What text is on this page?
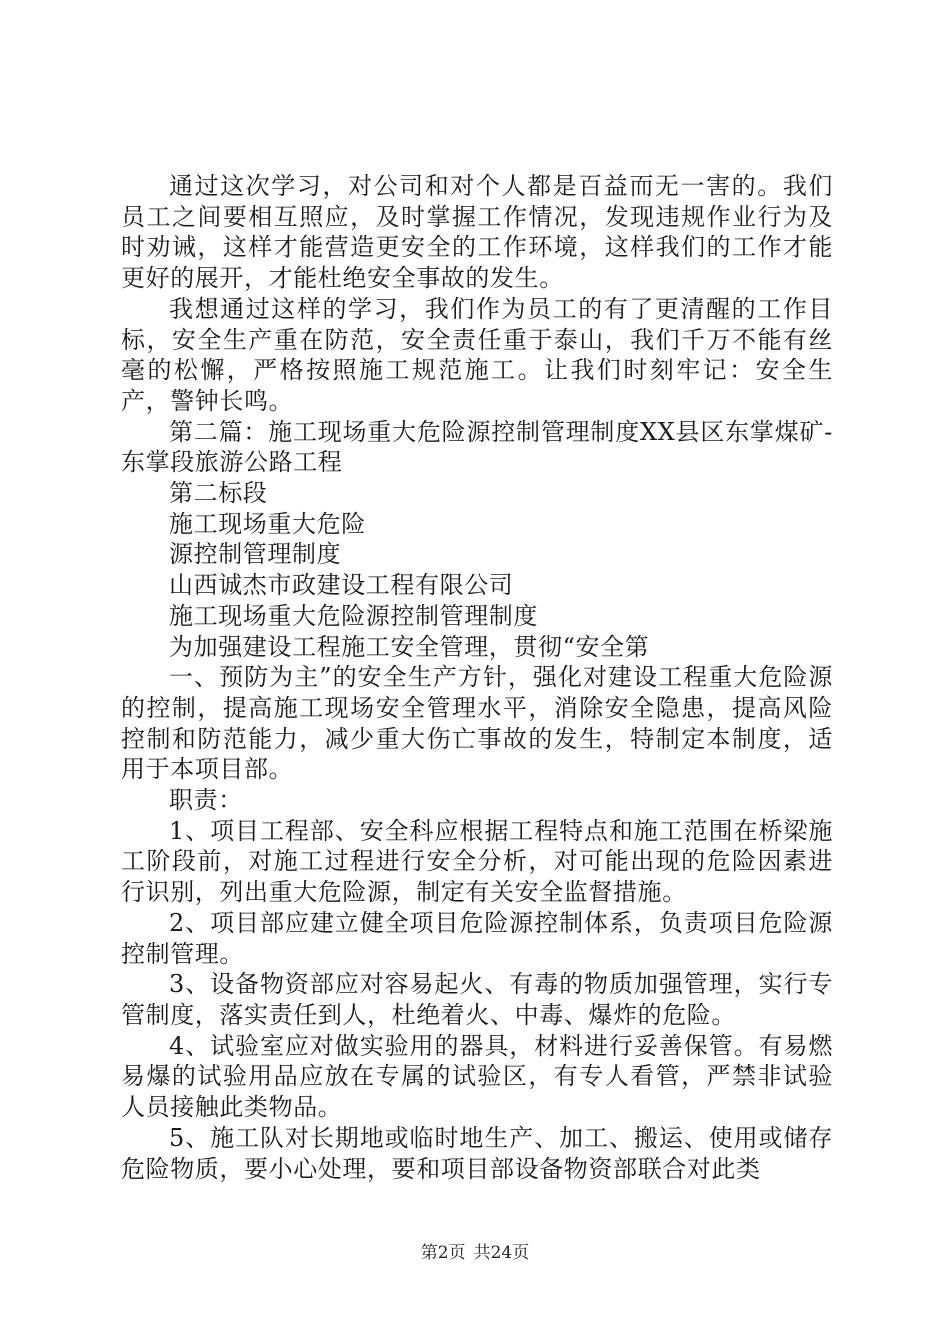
通过这次学习，对公司和对个人都是百益而无一害的。我们员工之间要相互照应，及时掌握工作情况，发现违规作业行为及时劝诫，这样才能营造更安全的工作环境，这样我们的工作才能更好的展开，才能杜绝安全事故的发生。

我想通过这样的学习，我们作为员工的有了更清醒的工作目标，安全生产重在防范，安全责任重于泰山，我们千万不能有丝毫的松懈，严格按照施工规范施工。让我们时刻牢记：安全生产，警钟长鸣。

第二篇：施工现场重大危险源控制管理制度XX县区东掌煤矿-东掌段旅游公路工程

第二标段

施工现场重大危险

源控制管理制度

山西诚杰市政建设工程有限公司

施工现场重大危险源控制管理制度

为加强建设工程施工安全管理，贯彻“安全第

一、预防为主”的安全生产方针，强化对建设工程重大危险源的控制，提高施工现场安全管理水平，消除安全隐患，提高风险控制和防范能力，减少重大伤亡事故的发生，特制定本制度，适用于本项目部。

职责：

1、项目工程部、安全科应根据工程特点和施工范围在桥梁施工阶段前，对施工过程进行安全分析，对可能出现的危险因素进行识别，列出重大危险源，制定有关安全监督措施。

2、项目部应建立健全项目危险源控制体系，负责项目危险源控制管理。

3、设备物资部应对容易起火、有毒的物质加强管理，实行专管制度，落实责任到人，杜绝着火、中毒、爆炸的危险。

4、试验室应对做实验用的器具，材料进行妥善保管。有易燃易爆的试验用品应放在专属的试验区，有专人看管，严禁非试验人员接触此类物品。

5、施工队对长期地或临时地生产、加工、搬运、使用或储存危险物质，要小心处理，要和项目部设备物资部联合对此类

第2页 共24页
